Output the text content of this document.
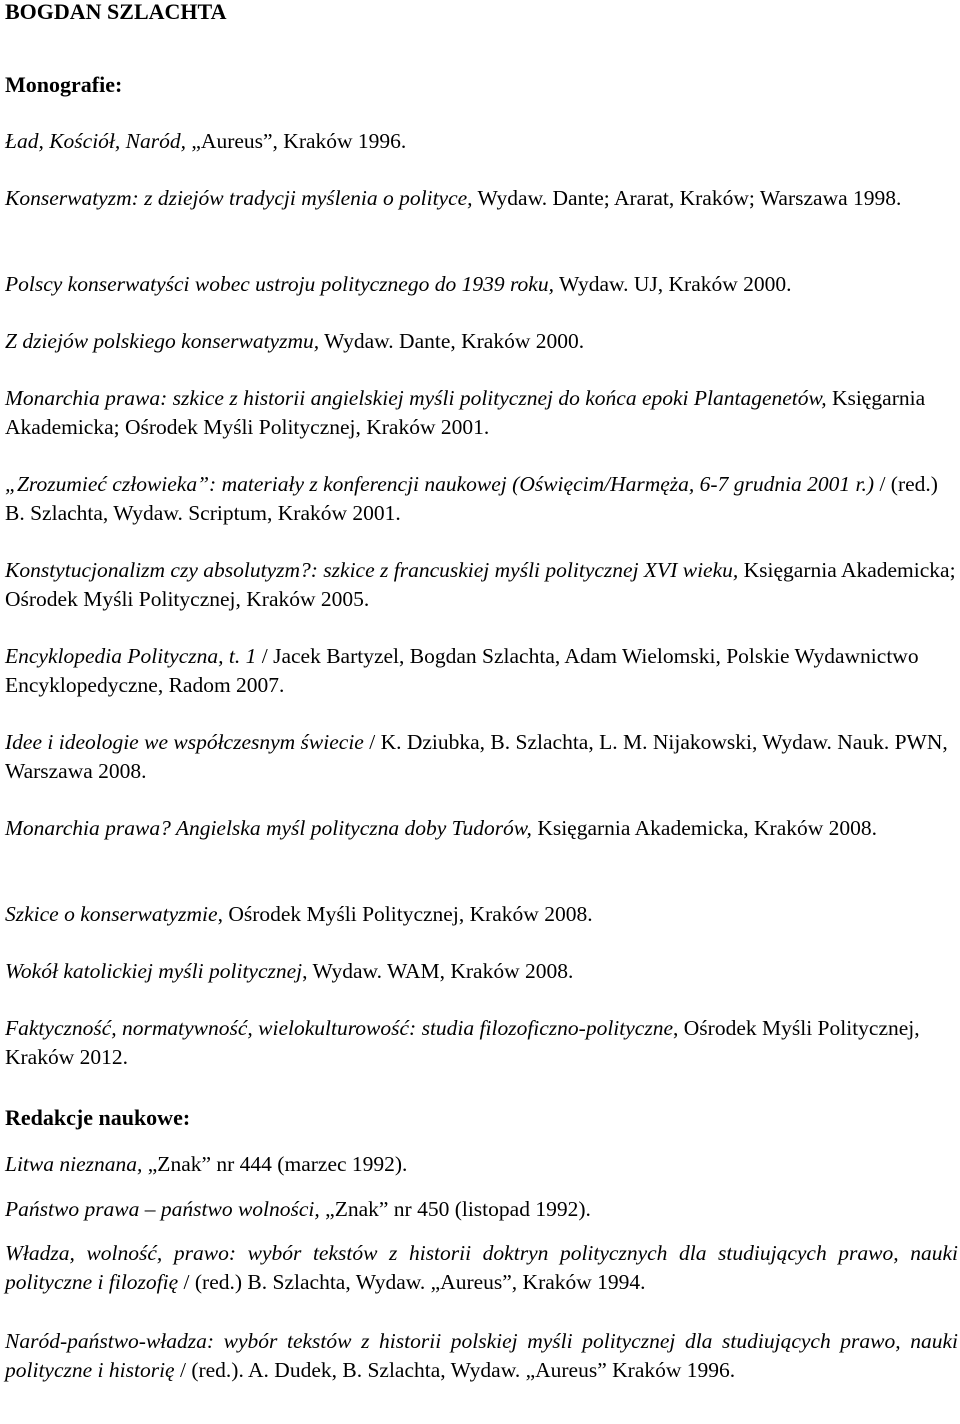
BOGDAN SZLACHTA
Monografie:
Ład, Kościół, Naród, „Aureus”, Kraków 1996.
Konserwatyzm: z dziejów tradycji myślenia o polityce, Wydaw. Dante; Ararat, Kraków; Warszawa 1998.
Polscy konserwatyści wobec ustroju politycznego do 1939 roku, Wydaw. UJ, Kraków 2000.
Z dziejów polskiego konserwatyzmu, Wydaw. Dante, Kraków 2000.
Monarchia prawa: szkice z historii angielskiej myśli politycznej do końca epoki Plantagenetów, Księgarnia Akademicka; Ośrodek Myśli Politycznej, Kraków 2001.
„Zrozumieć człowieka”: materiały z konferencji naukowej (Oświęcim/Harmęża, 6-7 grudnia 2001 r.) / (red.) B. Szlachta, Wydaw. Scriptum, Kraków 2001.
Konstytucjonalizm czy absolutyzm?: szkice z francuskiej myśli politycznej XVI wieku, Księgarnia Akademicka; Ośrodek Myśli Politycznej, Kraków 2005.
Encyklopedia Polityczna, t. 1 / Jacek Bartyzel, Bogdan Szlachta, Adam Wielomski, Polskie Wydawnictwo Encyklopedyczne, Radom 2007.
Idee i ideologie we współczesnym świecie / K. Dziubka, B. Szlachta, L. M. Nijakowski, Wydaw. Nauk. PWN, Warszawa 2008.
Monarchia prawa? Angielska myśl polityczna doby Tudorów, Księgarnia Akademicka, Kraków 2008.
Szkice o konserwatyzmie, Ośrodek Myśli Politycznej, Kraków 2008.
Wokół katolickiej myśli politycznej, Wydaw. WAM, Kraków 2008.
Faktyczność, normatywność, wielokulturowość: studia filozoficzno-polityczne, Ośrodek Myśli Politycznej, Kraków 2012.
Redakcje naukowe:
Litwa nieznana, „Znak” nr 444 (marzec 1992).
Państwo prawa – państwo wolności, „Znak” nr 450 (listopad 1992).
Władza, wolność, prawo: wybór tekstów z historii doktryn politycznych dla studiujących prawo, nauki polityczne i filozofię / (red.) B. Szlachta, Wydaw. „Aureus”, Kraków 1994.
Naród-państwo-władza: wybór tekstów z historii polskiej myśli politycznej dla studiujących prawo, nauki polityczne i historię / (red.). A. Dudek, B. Szlachta, Wydaw. „Aureus” Kraków 1996.
